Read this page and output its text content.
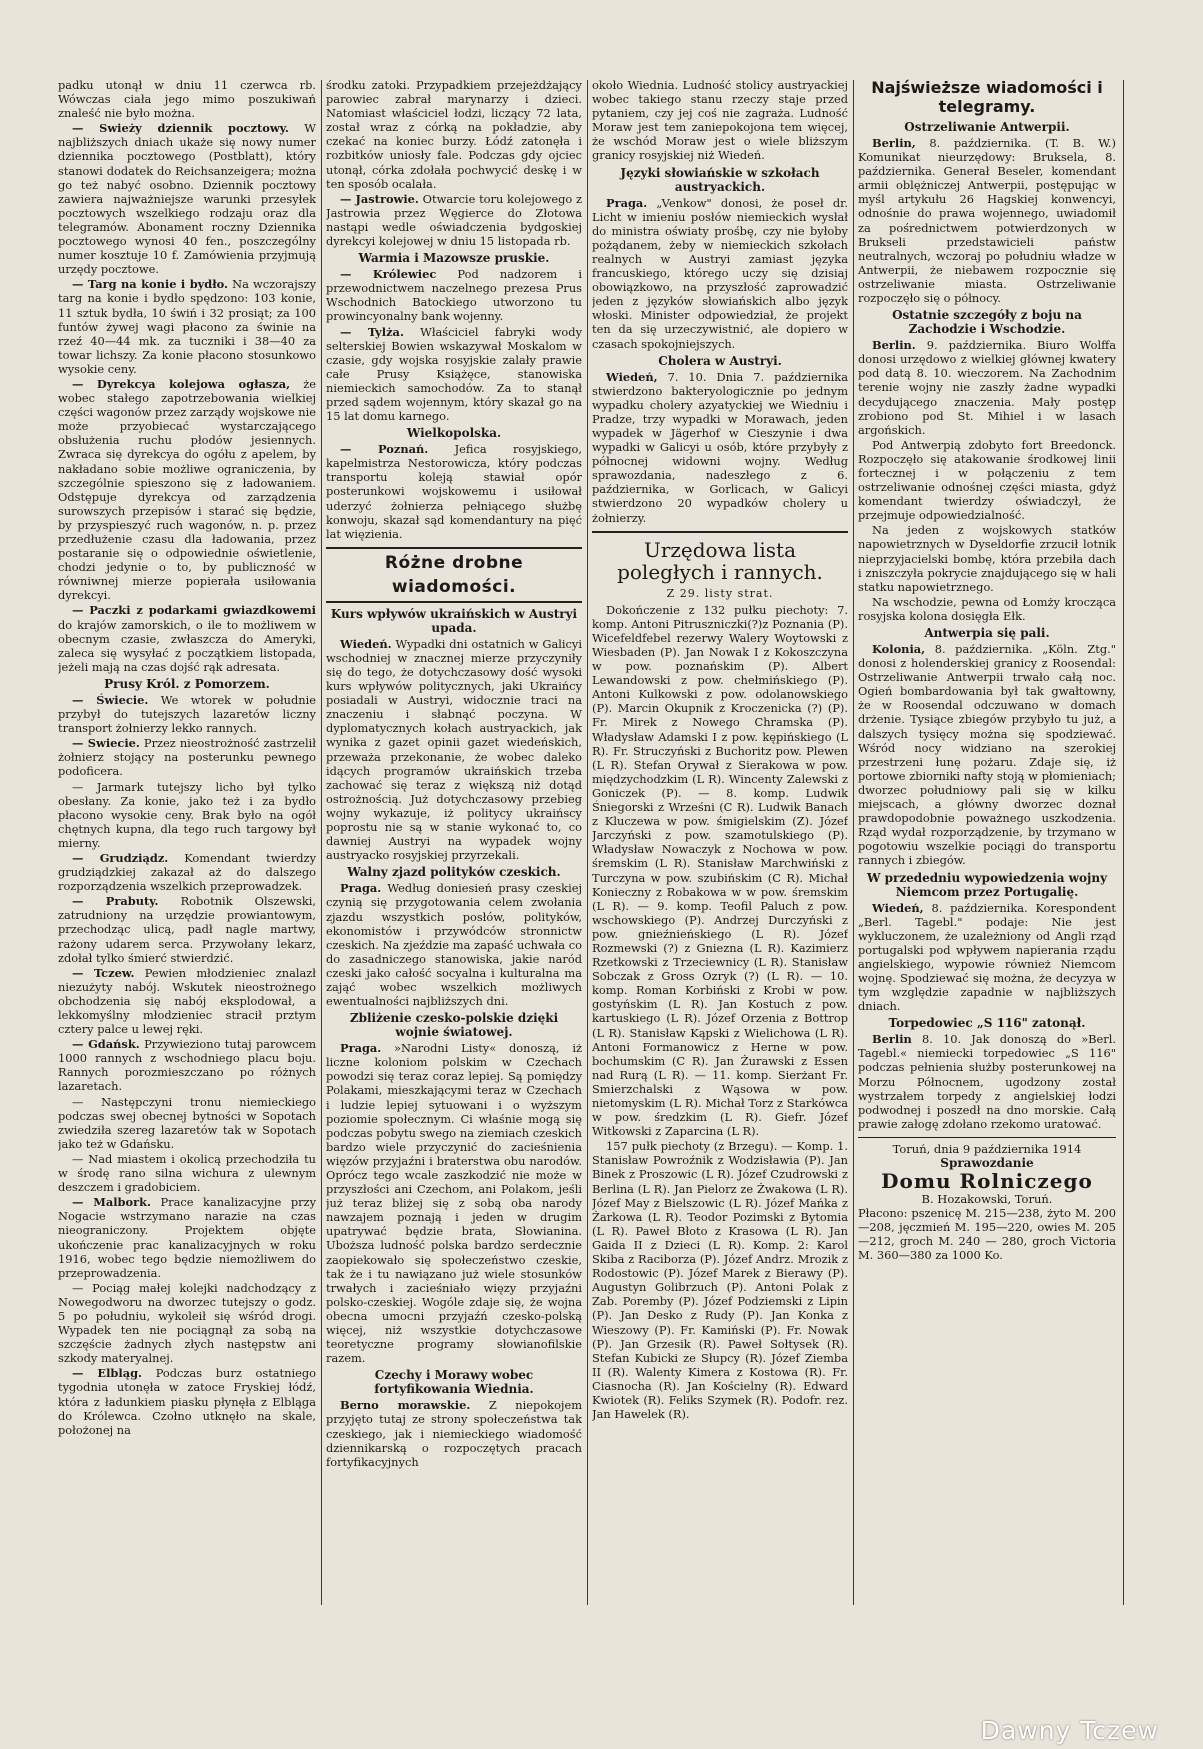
padku utonął w dniu 11 czerwca rb. Wówczas ciała jego mimo poszukiwań znaleść nie było można.

— Swieży dziennik pocztowy. W najbliższych dniach ukaże się nowy numer dziennika pocztowego (Postblatt), który stanowi dodatek do Reichsanzeigera; można go też nabyć osobno. Dziennik pocztowy zawiera najważniejsze warunki przesyłek pocztowych wszelkiego rodzaju oraz dla telegramów. Abonament roczny Dziennika pocztowego wynosi 40 fen., poszczególny numer kosztuje 10 f. Zamówienia przyjmują urzędy pocztowe.

— Targ na konie i bydło. Na wczorajszy targ na konie i bydło spędzono: 103 konie, 11 sztuk bydła, 10 świń i 32 prosiąt; za 100 funtów żywej wagi płacono za świnie na rzeź 40—44 mk. za tuczniki i 38—40 za towar lichszy. Za konie płacono stosunkowo wysokie ceny.

— Dyrekcya kolejowa ogłasza, że wobec stałego zapotrzebowania wielkiej części wagonów przez zarządy wojskowe nie może przyobiecać wystarczającego obsłużenia ruchu płodów jesiennych. Zwraca się dyrekcya do ogółu z apelem, by nakładano sobie możliwe ograniczenia, by szczególnie spieszono się z ładowaniem. Odstępuje dyrekcya od zarządzenia surowszych przepisów i starać się będzie, by przyspieszyć ruch wagonów, n. p. przez przedłużenie czasu dla ładowania, przez postaranie się o odpowiednie oświetlenie, chodzi jedynie o to, by publiczność w równiwnej mierze popierała usiłowania dyrekcyi.

— Paczki z podarkami gwiazdkowemi do krajów zamorskich, o ile to możliwem w obecnym czasie, zwłaszcza do Ameryki, zaleca się wysyłać z początkiem listopada, jeżeli mają na czas dojść rąk adresata.

Prusy Król. z Pomorzem.

— Świecie. We wtorek w południe przybył do tutejszych lazaretów liczny transport żołnierzy lekko rannych.

— Swiecie. Przez nieostrożność zastrzelił żołnierz stojący na posterunku pewnego podoficera.

— Jarmark tutejszy licho był tylko obesłany. Za konie, jako też i za bydło płacono wysokie ceny. Brak było na ogół chętnych kupna, dla tego ruch targowy był mierny.

— Grudziądz. Komendant twierdzy grudziądzkiej zakazał aż do dalszego rozporządzenia wszelkich przeprowadzek.

— Prabuty. Robotnik Olszewski, zatrudniony na urzędzie prowiantowym, przechodząc ulicą, padł nagle martwy, rażony udarem serca. Przywołany lekarz, zdołał tylko śmierć stwierdzić.

— Tczew. Pewien młodzieniec znalazł niezużyty nabój. Wskutek nieostrożnego obchodzenia się nabój eksplodował, a lekkomyślny młodzieniec stracił prztym cztery palce u lewej ręki.

— Gdańsk. Przywieziono tutaj parowcem 1000 rannych z wschodniego placu boju. Rannych porozmieszczano po różnych lazaretach.

— Następczyni tronu niemieckiego podczas swej obecnej bytności w Sopotach zwiedziła szereg lazaretów tak w Sopotach jako też w Gdańsku.

— Nad miastem i okolicą przechodziła tu w środę rano silna wichura z ulewnym deszczem i gradobiciem.

— Malbork. Prace kanalizacyjne przy Nogacie wstrzymano narazie na czas nieograniczony. Projektem objęte ukończenie prac kanalizacyjnych w roku 1916, wobec tego będzie niemożliwem do przeprowadzenia.

— Pociąg małej kolejki nadchodzący z Nowegodworu na dworzec tutejszy o godz. 5 po południu, wykoleił się wśród drogi. Wypadek ten nie pociągnął za sobą na szczęście żadnych złych następstw ani szkody materyalnej.

— Elbląg. Podczas burz ostatniego tygodnia utonęła w zatoce Fryskiej łódź, która z ładunkiem piasku płynęła z Elbląga do Królewca. Czołno utknęło na skale, położonej na

środku zatoki. Przypadkiem przejeżdżający parowiec zabrał marynarzy i dzieci. Natomiast właściciel łodzi, liczący 72 lata, został wraz z córką na pokładzie, aby czekać na koniec burzy. Łódź zatonęła i rozbitków uniosły fale. Podczas gdy ojciec utonął, córka zdołała pochwycić deskę i w ten sposób ocalała.

— Jastrowie. Otwarcie toru kolejowego z Jastrowia przez Węgierce do Złotowa nastąpi wedle oświadczenia bydgoskiej dyrekcyi kolejowej w dniu 15 listopada rb.

Warmia i Mazowsze pruskie.

— Królewiec Pod nadzorem i przewodnictwem naczelnego prezesa Prus Wschodnich Batockiego utworzono tu prowincyonalny bank wojenny.

— Tylża. Właściciel fabryki wody selterskiej Bowien wskazywał Moskalom w czasie, gdy wojska rosyjskie zalały prawie całe Prusy Książęce, stanowiska niemieckich samochodów. Za to stanął przed sądem wojennym, który skazał go na 15 lat domu karnego.

Wielkopolska.

— Poznań. Jefica rosyjskiego, kapelmistrza Nestorowicza, który podczas transportu koleją stawiał opór posterunkowi wojskowemu i usiłował uderzyć żołnierza pełniącego służbę konwoju, skazał sąd komendantury na pięć lat więzienia.

Różne drobne wiadomości.
Kurs wpływów ukraińskich w Austryi upada.

Wiedeń. Wypadki dni ostatnich w Galicyi wschodniej w znacznej mierze przyczyniły się do tego, że dotychczasowy dość wysoki kurs wpływów politycznych, jaki Ukraińcy posiadali w Austryi, widocznie traci na znaczeniu i słabnąć poczyna. W dyplomatycznych kołach austryackich, jak wynika z gazet opinii gazet wiedeńskich, przeważa przekonanie, że wobec daleko idących programów ukraińskich trzeba zachować się teraz z większą niż dotąd ostrożnością. Już dotychczasowy przebieg wojny wykazuje, iż politycy ukraińscy poprostu nie są w stanie wykonać to, co dawniej Austryi na wypadek wojny austryacko rosyjskiej przyrzekali.

Walny zjazd polityków czeskich.

Praga. Według doniesień prasy czeskiej czynią się przygotowania celem zwołania zjazdu wszystkich posłów, polityków, ekonomistów i przywódców stronnictw czeskich. Na zjeździe ma zapaść uchwała co do zasadniczego stanowiska, jakie naród czeski jako całość socyalna i kulturalna ma zająć wobec wszelkich możliwych ewentualności najbliższych dni.

Zbliżenie czesko-polskie dzięki wojnie światowej.

Praga. »Narodni Listy« donoszą, iż liczne koloniom polskim w Czechach powodzi się teraz coraz lepiej. Są pomiędzy Polakami, mieszkającymi teraz w Czechach i ludzie lepiej sytuowani i o wyższym poziomie społecznym. Ci właśnie mogą się podczas pobytu swego na ziemiach czeskich bardzo wiele przyczynić do zacieśnienia więzów przyjaźni i braterstwa obu narodów. Oprócz tego wcale zaszkodzić nie może w przyszłości ani Czechom, ani Polakom, jeśli już teraz bliżej się z sobą oba narody nawzajem poznają i jeden w drugim upatrywać będzie brata, Słowianina. Uboższa ludność polska bardzo serdecznie zaopiekowało się społeczeństwo czeskie, tak że i tu nawiązano już wiele stosunków trwałych i zacieśniało więzy przyjaźni polsko-czeskiej. Wogóle zdaje się, że wojna obecna umocni przyjaźń czesko-polską więcej, niż wszystkie dotychczasowe teoretyczne programy słowianofilskie razem.

Czechy i Morawy wobec fortyfikowania Wiednia.

Berno morawskie. Z niepokojem przyjęto tutaj ze strony społeczeństwa tak czeskiego, jak i niemieckiego wiadomość dziennikarską o rozpoczętych pracach fortyfikacyjnych

około Wiednia. Ludność stolicy austryackiej wobec takiego stanu rzeczy staje przed pytaniem, czy jej coś nie zagraża. Ludność Moraw jest tem zaniepokojona tem więcej, że wschód Moraw jest o wiele bliższym granicy rosyjskiej niż Wiedeń.

Języki słowiańskie w szkołach austryackich.

Praga. „Venkow" donosi, że poseł dr. Licht w imieniu posłów niemieckich wysłał do ministra oświaty prośbę, czy nie byłoby pożądanem, żeby w niemieckich szkołach realnych w Austryi zamiast języka francuskiego, którego uczy się dzisiaj obowiązkowo, na przyszłość zaprowadzić jeden z języków słowiańskich albo język włoski. Minister odpowiedział, że projekt ten da się urzeczywistnić, ale dopiero w czasach spokojniejszych.

Cholera w Austryi.

Wiedeń, 7. 10. Dnia 7. października stwierdzono bakteryologicznie po jednym wypadku cholery azyatyckiej we Wiedniu i Pradze, trzy wypadki w Morawach, jeden wypadek w Jägerhof w Cieszynie i dwa wypadki w Galicyi u osób, które przybyły z północnej widowni wojny. Według sprawozdania, nadeszłego z 6. października, w Gorlicach, w Galicyi stwierdzono 20 wypadków cholery u żołnierzy.

Urzędowa lista poległych i rannych.
Z 29. listy strat.

Dokończenie z 132 pułku piechoty: 7. komp. Antoni Pitruszniczki(?)z Poznania (P). Wicefeldfebel rezerwy Walery Woytowski z Wiesbaden (P). Jan Nowak I z Kokoszczyna w pow. poznańskim (P). Albert Lewandowski z pow. chełmińskiego (P). Antoni Kulkowski z pow. odolanowskiego (P). Marcin Okupnik z Kroczenicka (?) (P). Fr. Mirek z Nowego Chramska (P). Władysław Adamski I z pow. kępińskiego (L R). Fr. Struczyński z Buchoritz pow. Plewen (L R). Stefan Orywał z Sierakowa w pow. międzychodzkim (L R). Wincenty Zalewski z Goniczek (P). — 8. komp. Ludwik Śniegorski z Wrześni (C R). Ludwik Banach z Kluczewa w pow. śmigielskim (Z). Józef Jarczyński z pow. szamotulskiego (P). Władysław Nowaczyk z Nochowa w pow. śremskim (L R). Stanisław Marchwiński z Turczyna w pow. szubińskim (C R). Michał Konieczny z Robakowa w w pow. śremskim (L R). — 9. komp. Teofil Paluch z pow. wschowskiego (P). Andrzej Durczyński z pow. gnieźnieńskiego (L R). Józef Rozmewski (?) z Gniezna (L R). Kazimierz Rzetkowski z Trzeciewnicy (L R). Stanisław Sobczak z Gross Ozryk (?) (L R). — 10. komp. Roman Korbiński z Krobi w pow. gostyńskim (L R). Jan Kostuch z pow. kartuskiego (L R). Józef Orzenia z Bottrop (L R). Stanisław Kąpski z Wielichowa (L R). Antoni Formanowicz z Herne w pow. bochumskim (C R). Jan Żurawski z Essen nad Rurą (L R). — 11. komp. Sierżant Fr. Smierzchalski z Wąsowa w pow. nietomyskim (L R). Michał Torz z Starkówca w pow. średzkim (L R). Giefr. Józef Witkowski z Zaparcina (L R).

157 pułk piechoty (z Brzegu). — Komp. 1. Stanisław Powroźnik z Wodzisławia (P). Jan Binek z Proszowic (L R). Józef Czudrowski z Berlina (L R). Jan Pielorz ze Żwakowa (L R). Józef May z Bielszowic (L R). Józef Mańka z Żarkowa (L R). Teodor Pozimski z Bytomia (L R). Paweł Błoto z Krasowa (L R). Jan Gaida II z Dzieci (L R). Komp. 2: Karol Skiba z Raciborza (P). Józef Andrz. Mrozik z Rodostowic (P). Józef Marek z Bierawy (P). Augustyn Golibrzuch (P). Antoni Polak z Zab. Poremby (P). Józef Podziemski z Lipin (P). Jan Desko z Rudy (P). Jan Konka z Wieszowy (P). Fr. Kamiński (P). Fr. Nowak (P). Jan Grzesik (R). Paweł Sołtysek (R). Stefan Kubicki ze Słupcy (R). Józef Ziemba II (R). Walenty Kimera z Kostowa (R). Fr. Ciasnocha (R). Jan Kościelny (R). Edward Kwiotek (R). Feliks Szymek (R). Podofr. rez. Jan Hawelek (R).

Najświeższe wiadomości i telegramy.
Ostrzeliwanie Antwerpii.

Berlin, 8. października. (T. B. W.) Komunikat nieurzędowy: Bruksela, 8. października. Generał Beseler, komendant armii oblężniczej Antwerpii, postępując w myśl artykułu 26 Hagskiej konwencyi, odnośnie do prawa wojennego, uwiadomił za pośrednictwem potwierdzonych w Brukseli przedstawicieli państw neutralnych, wczoraj po południu władze w Antwerpii, że niebawem rozpocznie się ostrzeliwanie miasta. Ostrzeliwanie rozpoczęło się o północy.

Ostatnie szczegóły z boju na Zachodzie i Wschodzie.

Berlin. 9. października. Biuro Wolffa donosi urzędowo z wielkiej głównej kwatery pod datą 8. 10. wieczorem. Na Zachodnim terenie wojny nie zaszły żadne wypadki decydującego znaczenia. Mały postęp zrobiono pod St. Mihiel i w lasach argońskich.

Pod Antwerpią zdobyto fort Breedonck. Rozpoczęło się atakowanie środkowej linii fortecznej i w połączeniu z tem ostrzeliwanie odnośnej części miasta, gdyż komendant twierdzy oświadczył, że przejmuje odpowiedzialność.

Na jeden z wojskowych statków napowietrznych w Dyseldorfie zrzucił lotnik nieprzyjacielski bombę, która przebiła dach i zniszczyła pokrycie znajdującego się w hali statku napowietrznego.

Na wschodzie, pewna od Łomży krocząca rosyjska kolona dosięgła Ełk.

Antwerpia się pali.

Kolonia, 8. października. „Köln. Ztg." donosi z holenderskiej granicy z Roosendal: Ostrzeliwanie Antwerpii trwało całą noc. Ogień bombardowania był tak gwałtowny, że w Roosendal odczuwano w domach drżenie. Tysiące zbiegów przybyło tu już, a dalszych tysięcy można się spodziewać. Wśród nocy widziano na szerokiej przestrzeni łunę pożaru. Zdaje się, iż portowe zbiorniki nafty stoją w płomieniach; dworzec południowy pali się w kilku miejscach, a główny dworzec doznał prawdopodobnie poważnego uszkodzenia. Rząd wydał rozporządzenie, by trzymano w pogotowiu wszelkie pociągi do transportu rannych i zbiegów.

W przededniu wypowiedzenia wojny Niemcom przez Portugalię.

Wiedeń, 8. października. Korespondent „Berl. Tagebl." podaje: Nie jest wykluczonem, że uzależniony od Angli rząd portugalski pod wpływem napierania rządu angielskiego, wypowie również Niemcom wojnę. Spodziewać się można, że decyzya w tym względzie zapadnie w najbliższych dniach.

Torpedowiec „S 116" zatonął.

Berlin 8. 10. Jak donoszą do »Berl. Tagebl.« niemiecki torpedowiec „S 116" podczas pełnienia służby posterunkowej na Morzu Północnem, ugodzony został wystrzałem torpedy z angielskiej łodzi podwodnej i poszedł na dno morskie. Całą prawie załogę zdołano rzekomo uratować.

Toruń, dnia 9 października 1914
Sprawozdanie
Domu Rolniczego
B. Hozakowski, Toruń.
Płacono: pszenicę M. 215—238, żyto M. 200—208, jęczmień M. 195—220, owies M. 205—212, groch M. 240 — 280, groch Victoria M. 360—380 za 1000 Ko.
Dawny Tczew
